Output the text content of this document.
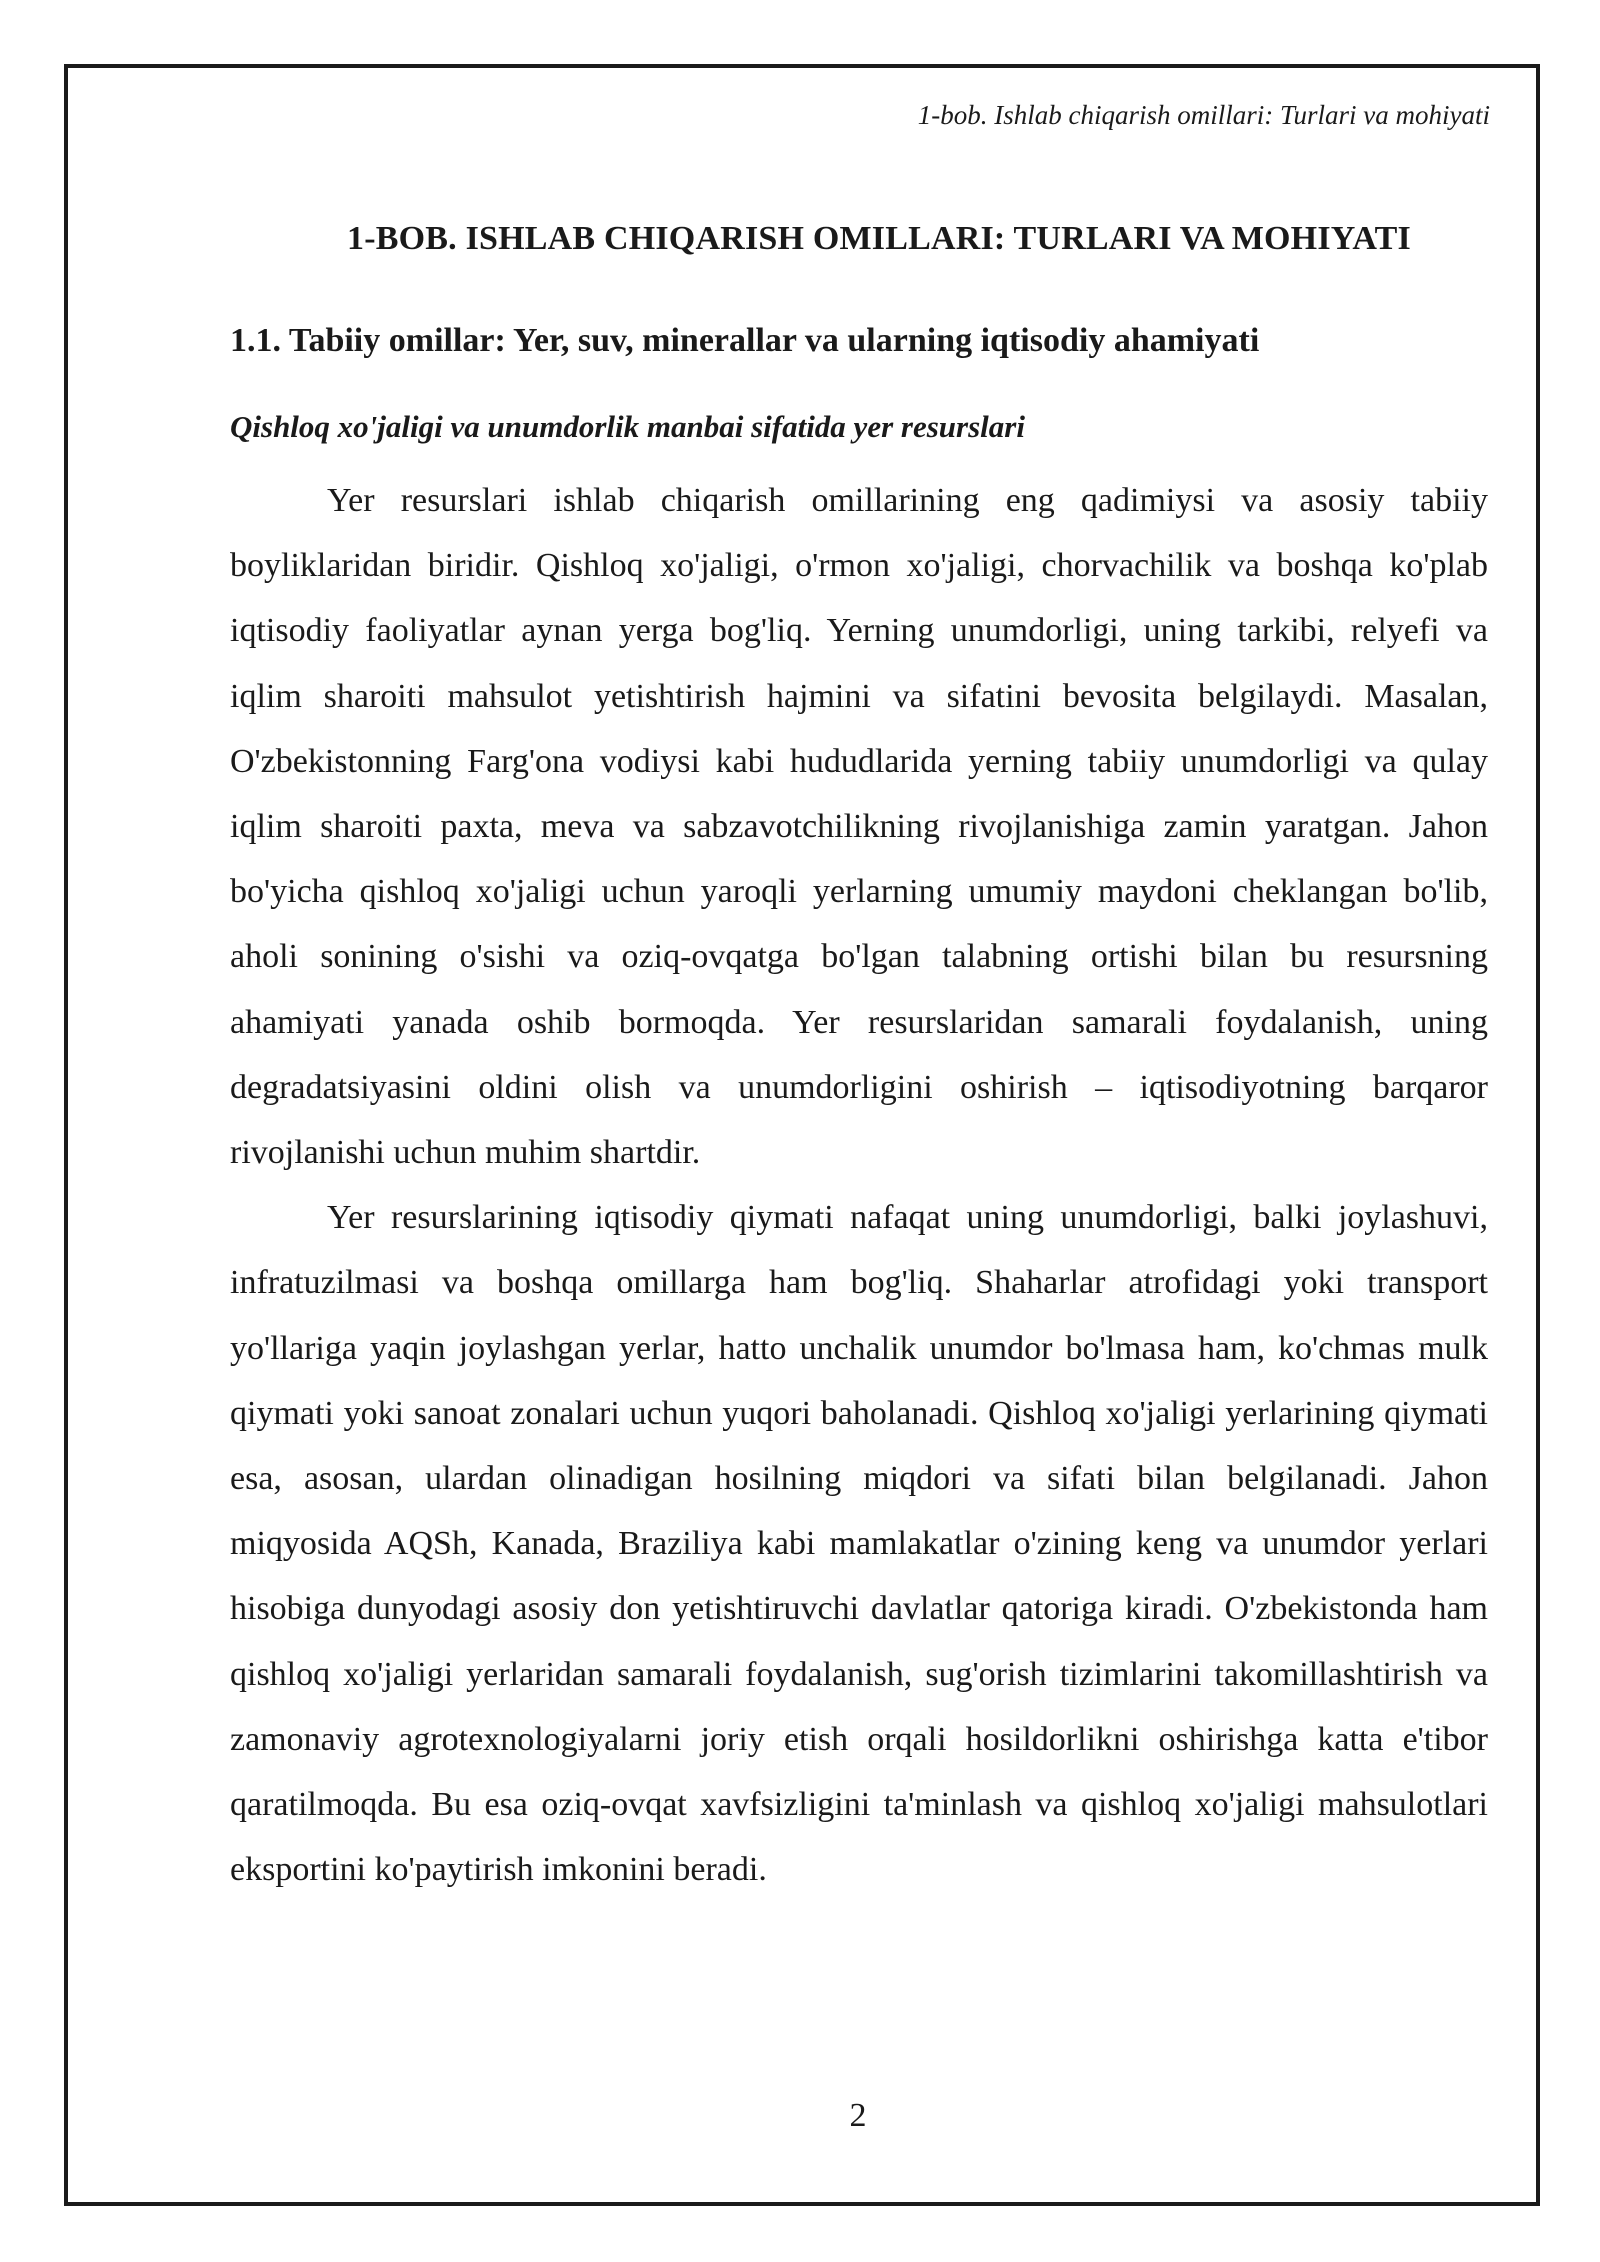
1-bob. Ishlab chiqarish omillari: Turlari va mohiyati
1-BOB. ISHLAB CHIQARISH OMILLARI: TURLARI VA MOHIYATI
1.1. Tabiiy omillar: Yer, suv, minerallar va ularning iqtisodiy ahamiyati
Qishloq xo'jaligi va unumdorlik manbai sifatida yer resurslari

Yer resurslari ishlab chiqarish omillarining eng qadimiysi va asosiy tabiiy boyliklaridan biridir. Qishloq xo'jaligi, o'rmon xo'jaligi, chorvachilik va boshqa ko'plab iqtisodiy faoliyatlar aynan yerga bog'liq. Yerning unumdorligi, uning tarkibi, relyefi va iqlim sharoiti mahsulot yetishtirish hajmini va sifatini bevosita belgilaydi. Masalan, O'zbekistonning Farg'ona vodiysi kabi hududlarida yerning tabiiy unumdorligi va qulay iqlim sharoiti paxta, meva va sabzavotchilikning rivojlanishiga zamin yaratgan. Jahon bo'yicha qishloq xo'jaligi uchun yaroqli yerlarning umumiy maydoni cheklangan bo'lib, aholi sonining o'sishi va oziq-ovqatga bo'lgan talabning ortishi bilan bu resursning ahamiyati yanada oshib bormoqda. Yer resurslaridan samarali foydalanish, uning degradatsiyasini oldini olish va unumdorligini oshirish – iqtisodiyotning barqaror rivojlanishi uchun muhim shartdir.

Yer resurslarining iqtisodiy qiymati nafaqat uning unumdorligi, balki joylashuvi, infratuzilmasi va boshqa omillarga ham bog'liq. Shaharlar atrofidagi yoki transport yo'llariga yaqin joylashgan yerlar, hatto unchalik unumdor bo'lmasa ham, ko'chmas mulk qiymati yoki sanoat zonalari uchun yuqori baholanadi. Qishloq xo'jaligi yerlarining qiymati esa, asosan, ulardan olinadigan hosilning miqdori va sifati bilan belgilanadi. Jahon miqyosida AQSh, Kanada, Braziliya kabi mamlakatlar o'zining keng va unumdor yerlari hisobiga dunyodagi asosiy don yetishtiruvchi davlatlar qatoriga kiradi. O'zbekistonda ham qishloq xo'jaligi yerlaridan samarali foydalanish, sug'orish tizimlarini takomillashtirish va zamonaviy agrotexnologiyalarni joriy etish orqali hosildorlikni oshirishga katta e'tibor qaratilmoqda. Bu esa oziq-ovqat xavfsizligini ta'minlash va qishloq xo'jaligi mahsulotlari eksportini ko'paytirish imkonini beradi.

2
